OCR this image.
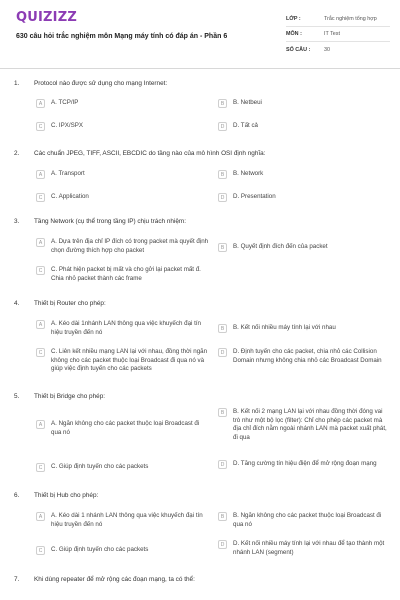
QUIZIZZ
630 câu hỏi trắc nghiệm môn Mạng máy tính có đáp án - Phần 6
LỚP :	Trắc nghiệm tổng hợp
MÔN :	IT Test
SỐ CÂU :	30
1. Protocol nào được sử dụng cho mạng Internet:
A	A. TCP/IP	B	B. Netbeui
C	C. IPX/SPX	D	D. Tất cả
2. Các chuẩn JPEG, TIFF, ASCII, EBCDIC do tầng nào của mô hình OSI định nghĩa:
A	A. Transport	B	B. Network
C	C. Application	D	D. Presentation
3. Tầng Network (cụ thể trong tầng IP) chịu trách nhiệm:
A	A. Dựa trên địa chỉ IP đích có trong packet mà quyết định chọn đường thích hợp cho packet	B	B. Quyết định đích đến của packet
C	C. Phát hiện packet bị mất và cho gởi lại packet mất đ. Chia nhỏ packet thành các frame
4. Thiết bị Router cho phép:
A	A. Kéo dài 1nhánh LAN thông qua việc khuyếch đại tín hiệu truyền đến nó
B	B. Kết nối nhiều máy tính lại với nhau
C	C. Liên kết nhiều mạng LAN lại với nhau, đồng thời ngăn không cho các packet thuộc loại Broadcast đi qua nó và giúp việc định tuyến cho các packets
D	D. Định tuyến cho các packet, chia nhỏ các Collision Domain nhưng không chia nhỏ các Broadcast Domain
5. Thiết bị Bridge cho phép:
A	A. Ngăn không cho các packet thuộc loại Broadcast đi qua nó
B	B. Kết nối 2 mạng LAN lại với nhau đồng thời đóng vai trò như một bộ lọc (filter): Chỉ cho phép các packet mà địa chỉ đích nằm ngoài nhánh LAN mà packet xuất phát, đi qua
C	C. Giúp định tuyến cho các packets	D	D. Tăng cường tín hiệu điện để mở rộng đoạn mạng
6. Thiết bị Hub cho phép:
A	A. Kéo dài 1 nhánh LAN thông qua việc khuyếch đại tín hiệu truyền đến nó
B	B. Ngăn không cho các packet thuộc loại Broadcast đi qua nó
C	C. Giúp định tuyến cho các packets
D	D. Kết nối nhiều máy tính lại với nhau để tạo thành một nhánh LAN (segment)
7. Khi dùng repeater để mở rộng các đoạn mạng, ta có thể:
